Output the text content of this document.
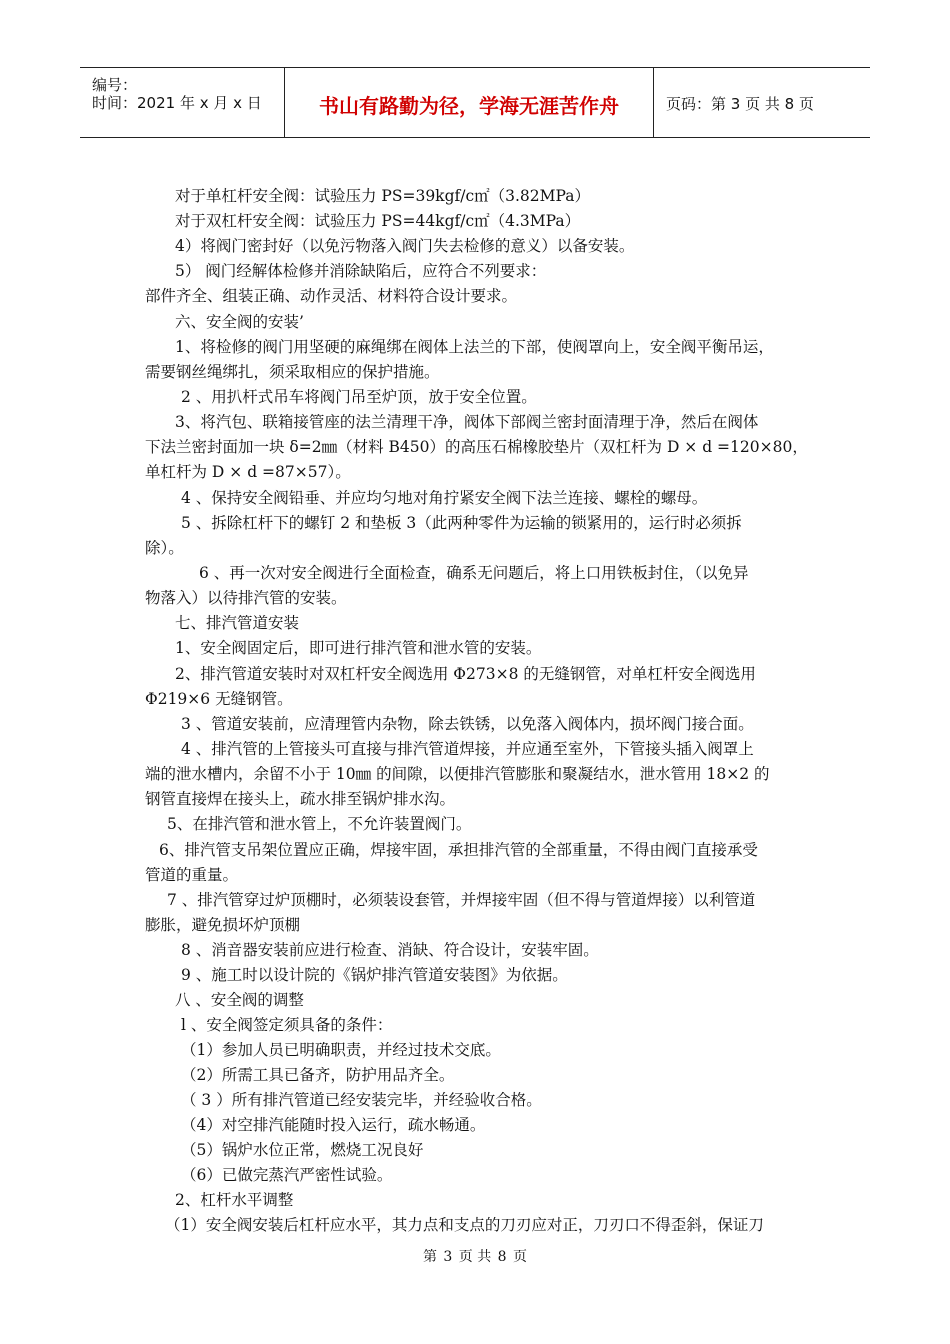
编号：
时间：2021 年 x 月 x 日	书山有路勤为径，学海无涯苦作舟	页码：第 3 页 共 8 页
对于单杠杆安全阀：试验压力 PS=39kgf/c㎡（3.82MPa）
对于双杠杆安全阀：试验压力 PS=44kgf/c㎡（4.3MPa）
4）将阀门密封好（以免污物落入阀门失去检修的意义）以备安装。
5） 阀门经解体检修并消除缺陷后，应符合不列要求：
部件齐全、组装正确、动作灵活、材料符合设计要求。
六、安全阀的安装’
1、将检修的阀门用坚硬的麻绳绑在阀体上法兰的下部，使阀罩向上，安全阀平衡吊运，
需要钢丝绳绑扎，须采取相应的保护措施。
2 、用扒杆式吊车将阀门吊至炉顶，放于安全位置。
3、将汽包、联箱接管座的法兰清理干净，阀体下部阀兰密封面清理于净，然后在阀体
下法兰密封面加一块 δ=2㎜（材料 B450）的高压石棉橡胶垫片（双杠杆为 D × d =120×80，
单杠杆为 D × d =87×57）。
4 、保持安全阀铅垂、并应均匀地对角拧紧安全阀下法兰连接、螺栓的螺母。
5 、拆除杠杆下的螺钉 2 和垫板 3（此两种零件为运输的锁紧用的，运行时必须拆
除）。
6 、再一次对安全阀进行全面检查，确系无问题后，将上口用铁板封住，（以免异
物落入）以待排汽管的安装。
七、排汽管道安装
1、安全阀固定后，即可进行排汽管和泄水管的安装。
2、排汽管道安装时对双杠杆安全阀选用 Φ273×8 的无缝钢管，对单杠杆安全阀选用
Φ219×6 无缝钢管。
3 、管道安装前，应清理管内杂物，除去铁锈，以免落入阀体内，损坏阀门接合面。
4 、排汽管的上管接头可直接与排汽管道焊接，并应通至室外，下管接头插入阀罩上
端的泄水槽内，余留不小于 10㎜ 的间隙，以便排汽管膨胀和聚凝结水，泄水管用 18×2 的
钢管直接焊在接头上，疏水排至锅炉排水沟。
5、在排汽管和泄水管上，不允许装置阀门。
6、排汽管支吊架位置应正确，焊接牢固，承担排汽管的全部重量，不得由阀门直接承受
管道的重量。
7 、排汽管穿过炉顶棚时，必须装设套管，并焊接牢固（但不得与管道焊接）以利管道
膨胀，避免损坏炉顶棚
8 、消音器安装前应进行检查、消缺、符合设计，安装牢固。
9 、施工时以设计院的《锅炉排汽管道安装图》为依据。
八 、安全阀的调整
l 、安全阀签定须具备的条件：
（1）参加人员已明确职责，并经过技术交底。
（2）所需工具已备齐，防护用品齐全。
（ 3 ）所有排汽管道已经安装完毕，并经验收合格。
（4）对空排汽能随时投入运行，疏水畅通。
（5）锅炉水位正常，燃烧工况良好
（6）已做完蒸汽严密性试验。
2、杠杆水平调整
（1）安全阀安装后杠杆应水平，其力点和支点的刀刃应对正，刀刃口不得歪斜，保证刀
第 3 页 共 8 页
